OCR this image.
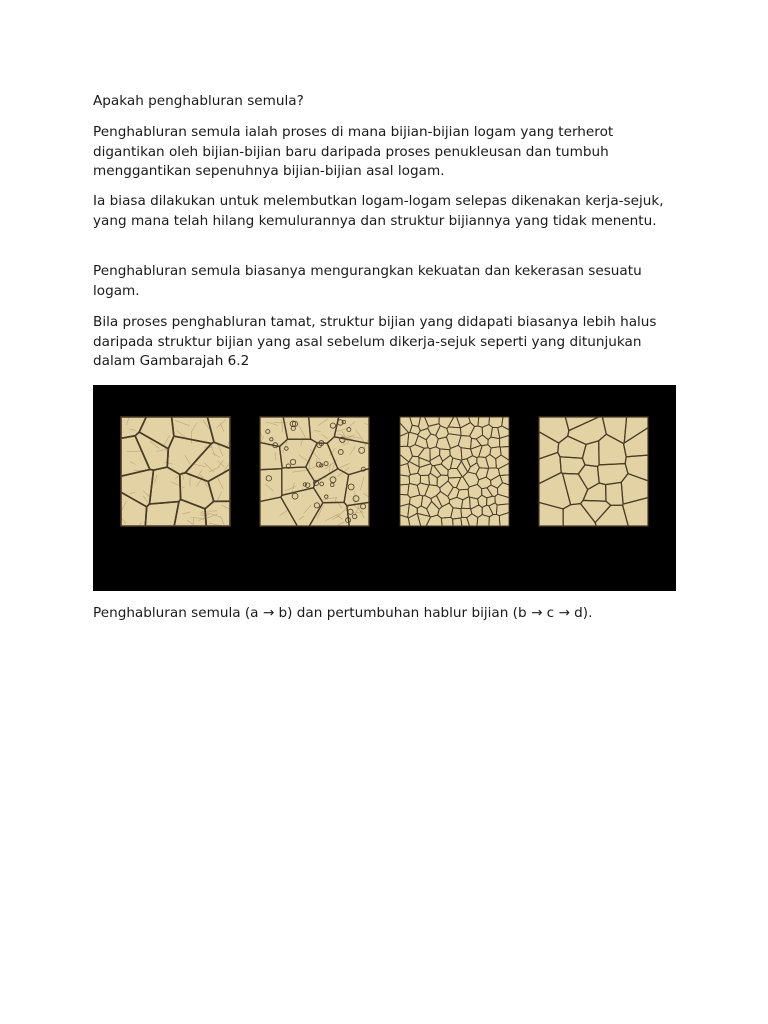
Apakah penghabluran semula?

Penghabluran semula ialah proses di mana bijian-bijian logam yang terherot digantikan oleh bijian-bijian baru daripada proses penukleusan dan tumbuh menggantikan sepenuhnya bijian-bijian asal logam.

Ia biasa dilakukan untuk melembutkan logam-logam selepas dikenakan kerja-sejuk, yang mana telah hilang kemulurannya dan struktur bijiannya yang tidak menentu.

Penghabluran semula biasanya mengurangkan kekuatan dan kekerasan sesuatu logam.

Bila proses penghabluran tamat, struktur bijian yang didapati biasanya lebih halus daripada struktur bijian yang asal sebelum dikerja-sejuk seperti yang ditunjukan dalam Gambarajah 6.2

Penghabluran semula (a → b) dan pertumbuhan hablur bijian (b → c → d).
